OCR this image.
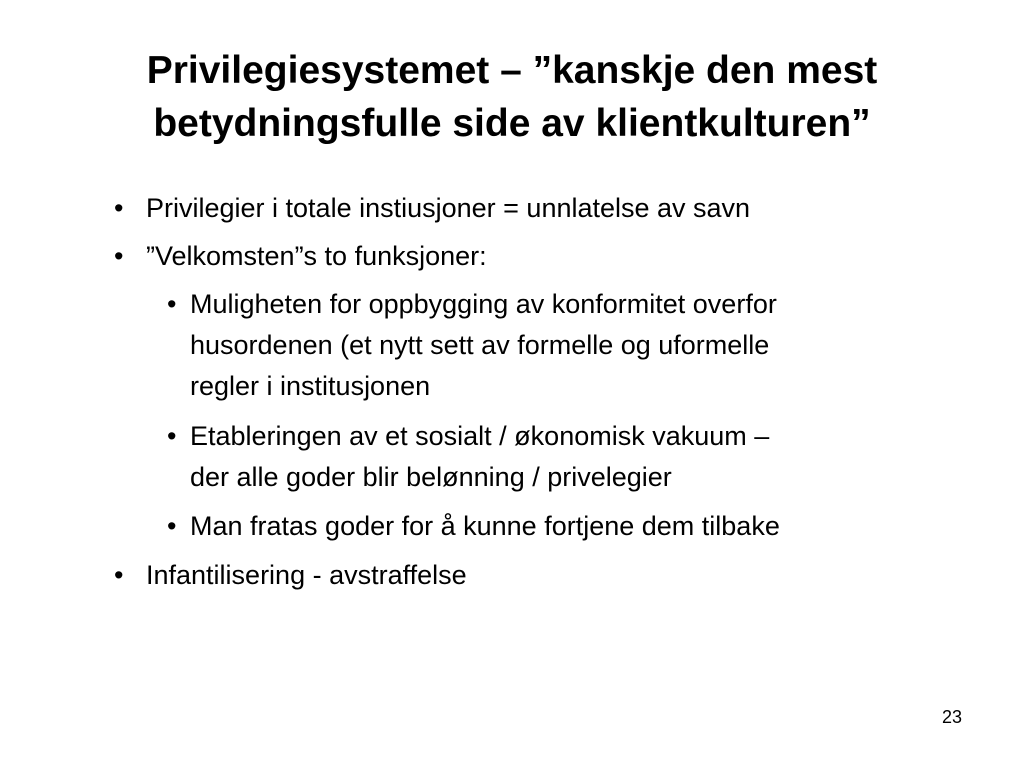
Privilegiesystemet – ”kanskje den mest
betydningsfulle side av klientkulturen”
• Privilegier i totale instiusjoner = unnlatelse av savn
• ”Velkomsten”s to funksjoner:
• Muligheten for oppbygging av konformitet overfor
husordenen (et nytt sett av formelle og uformelle
regler i institusjonen
• Etableringen av et sosialt / økonomisk vakuum –
der alle goder blir belønning / privelegier
• Man fratas goder for å kunne fortjene dem tilbake
• Infantilisering - avstraffelse
23
